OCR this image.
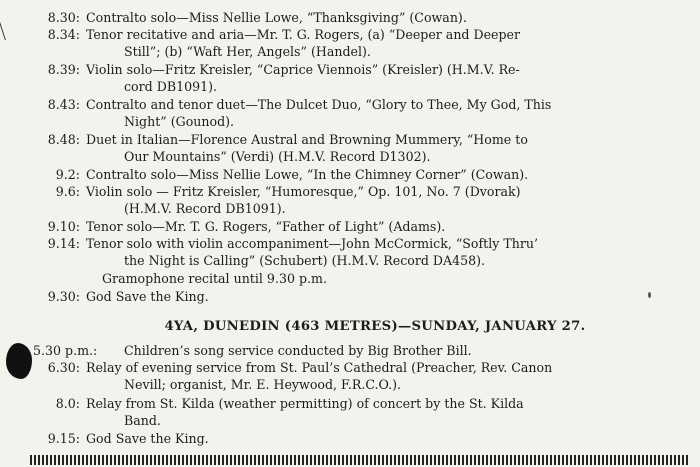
8.30: Contralto solo—Miss Nellie Lowe, “Thanksgiving” (Cowan).
8.34: Tenor recitative and aria—Mr. T. G. Rogers, (a) “Deeper and Deeper
Still”; (b) “Waft Her, Angels” (Handel).
8.39: Violin solo—Fritz Kreisler, “Caprice Viennois” (Kreisler) (H.M.V. Re-
cord DB1091).
8.43: Contralto and tenor duet—The Dulcet Duo, “Glory to Thee, My God, This
Night” (Gounod).
8.48: Duet in Italian—Florence Austral and Browning Mummery, “Home to
Our Mountains” (Verdi) (H.M.V. Record D1302).
9.2: Contralto solo—Miss Nellie Lowe, “In the Chimney Corner” (Cowan).
9.6: Violin solo — Fritz Kreisler, “Humoresque,” Op. 101, No. 7 (Dvorak)
(H.M.V. Record DB1091).
9.10: Tenor solo—Mr. T. G. Rogers, “Father of Light” (Adams).
9.14: Tenor solo with violin accompaniment—John McCormick, “Softly Thru’
the Night is Calling” (Schubert) (H.M.V. Record DA458).
Gramophone recital until 9.30 p.m.
9.30: God Save the King.
4YA, DUNEDIN (463 METRES)—SUNDAY, JANUARY 27.
5.30 p.m.: Children’s song service conducted by Big Brother Bill.
6.30: Relay of evening service from St. Paul’s Cathedral (Preacher, Rev. Canon
Nevill; organist, Mr. E. Heywood, F.R.C.O.).
8.0: Relay from St. Kilda (weather permitting) of concert by the St. Kilda
Band.
9.15: God Save the King.
